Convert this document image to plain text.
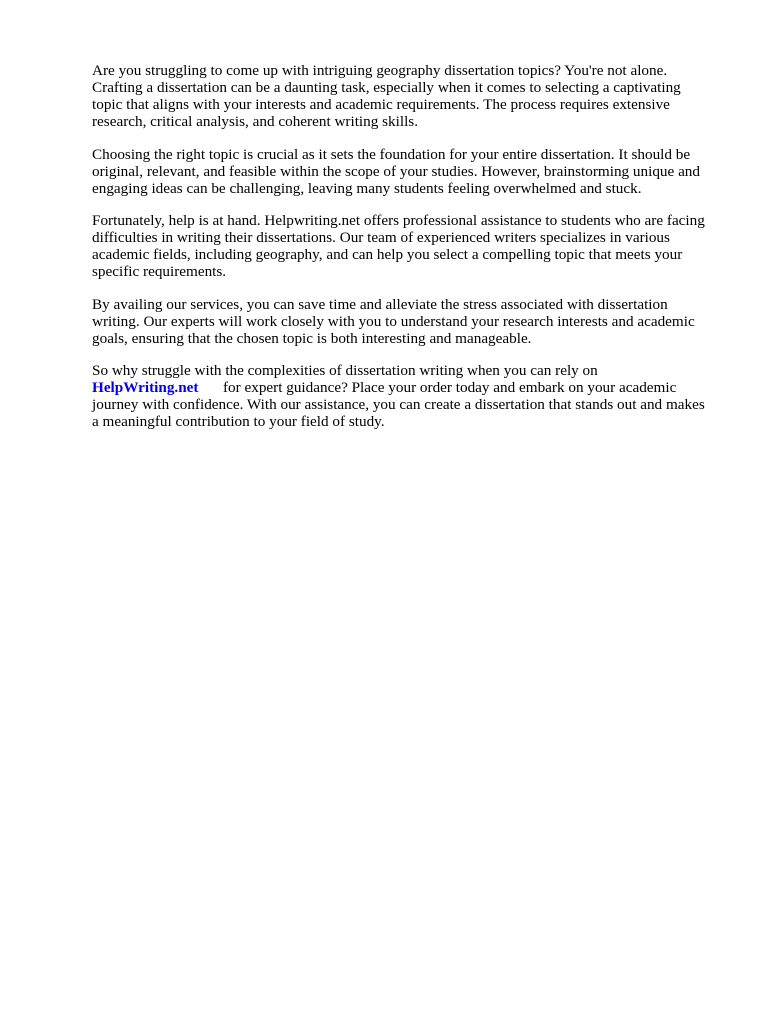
Are you struggling to come up with intriguing geography dissertation topics? You're not alone.
Crafting a dissertation can be a daunting task, especially when it comes to selecting a captivating
topic that aligns with your interests and academic requirements. The process requires extensive
research, critical analysis, and coherent writing skills.

Choosing the right topic is crucial as it sets the foundation for your entire dissertation. It should be
original, relevant, and feasible within the scope of your studies. However, brainstorming unique and
engaging ideas can be challenging, leaving many students feeling overwhelmed and stuck.

Fortunately, help is at hand. Helpwriting.net offers professional assistance to students who are facing
difficulties in writing their dissertations. Our team of experienced writers specializes in various
academic fields, including geography, and can help you select a compelling topic that meets your
specific requirements.

By availing our services, you can save time and alleviate the stress associated with dissertation
writing. Our experts will work closely with you to understand your research interests and academic
goals, ensuring that the chosen topic is both interesting and manageable.

So why struggle with the complexities of dissertation writing when you can rely on
HelpWriting.net for expert guidance? Place your order today and embark on your academic
journey with confidence. With our assistance, you can create a dissertation that stands out and makes
a meaningful contribution to your field of study.
